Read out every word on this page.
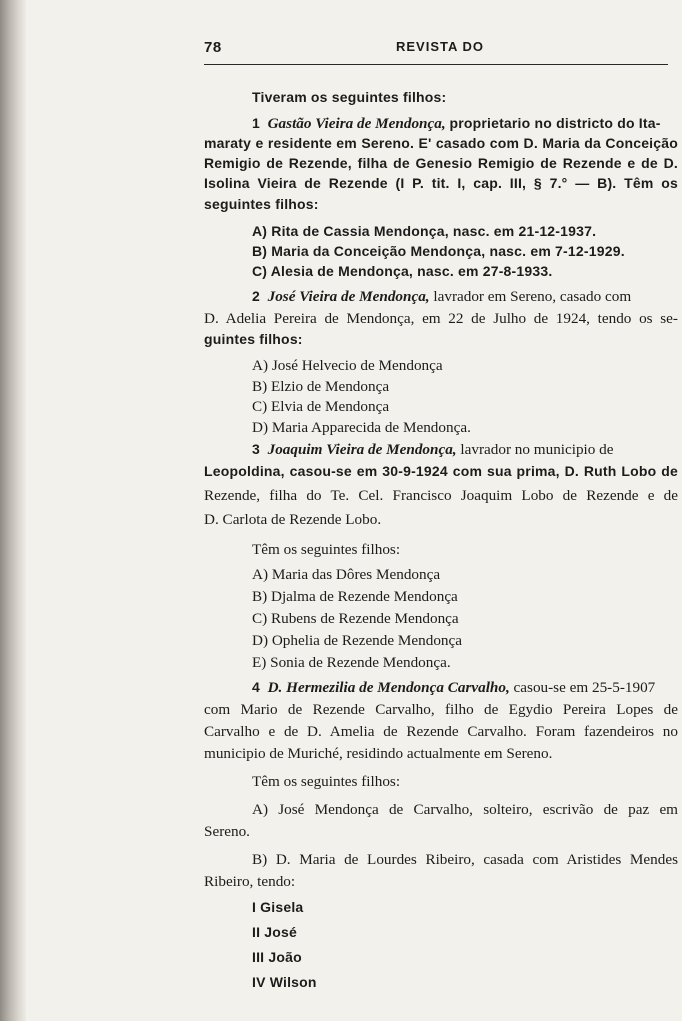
78	REVISTA DO
Tiveram os seguintes filhos:
1 Gastão Vieira de Mendonça, proprietario no districto do Ita-
maraty e residente em Sereno. E' casado com D. Maria da Conceição
Remigio de Rezende, filha de Genesio Remigio de Rezende e de D.
Isolina Vieira de Rezende (I P. tit. I, cap. III, § 7.° — B). Têm os
seguintes filhos:
A) Rita de Cassia Mendonça, nasc. em 21-12-1937.
B) Maria da Conceição Mendonça, nasc. em 7-12-1929.
C) Alesia de Mendonça, nasc. em 27-8-1933.
2 José Vieira de Mendonça, lavrador em Sereno, casado com
D. Adelia Pereira de Mendonça, em 22 de Julho de 1924, tendo os se-
guintes filhos:
A) José Helvecio de Mendonça
B) Elzio de Mendonça
C) Elvia de Mendonça
D) Maria Apparecida de Mendonça.
3 Joaquim Vieira de Mendonça, lavrador no municipio de
Leopoldina, casou-se em 30-9-1924 com sua prima, D. Ruth Lobo de
Rezende, filha do Te. Cel. Francisco Joaquim Lobo de Rezende e de
D. Carlota de Rezende Lobo.
Têm os seguintes filhos:
A) Maria das Dôres Mendonça
B) Djalma de Rezende Mendonça
C) Rubens de Rezende Mendonça
D) Ophelia de Rezende Mendonça
E) Sonia de Rezende Mendonça.
4 D. Hermezilia de Mendonça Carvalho, casou-se em 25-5-1907
com Mario de Rezende Carvalho, filho de Egydio Pereira Lopes de
Carvalho e de D. Amelia de Rezende Carvalho. Foram fazendeiros no
municipio de Muriché, residindo actualmente em Sereno.
Têm os seguintes filhos:
A) José Mendonça de Carvalho, solteiro, escrivão de paz em
Sereno.
B) D. Maria de Lourdes Ribeiro, casada com Aristides Mendes
Ribeiro, tendo:
I Gisela
II José
III João
IV Wilson
